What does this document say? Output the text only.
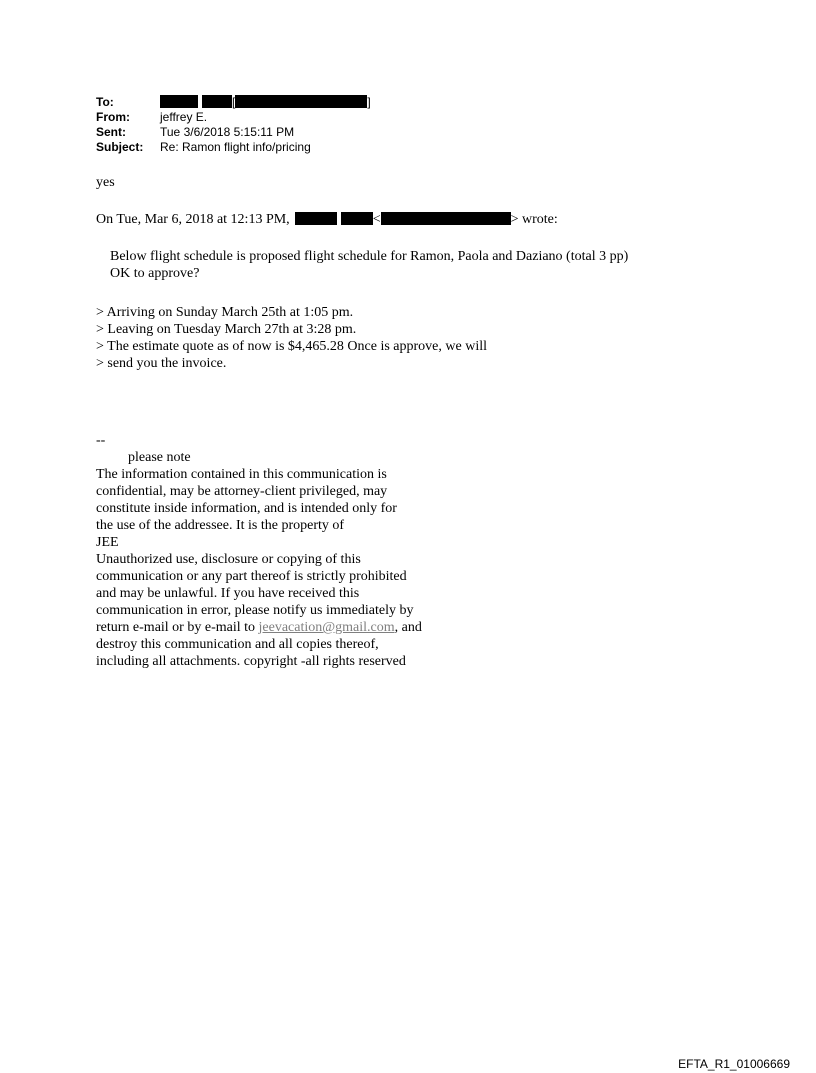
To:	[	]
From:	jeffrey E.
Sent:	Tue 3/6/2018 5:15:11 PM
Subject:	Re: Ramon flight info/pricing
yes
On Tue, Mar 6, 2018 at 12:13 PM,	<	> wrote:
Below flight schedule is proposed flight schedule for Ramon, Paola and Daziano (total 3 pp)
OK to approve?
> Arriving on Sunday March 25th at 1:05 pm.
> Leaving on Tuesday March 27th at 3:28 pm.
> The estimate quote as of now is $4,465.28 Once is approve, we will
> send you the invoice.
--
please note
The information contained in this communication is
confidential, may be attorney-client privileged, may
constitute inside information, and is intended only for
the use of the addressee. It is the property of
JEE
Unauthorized use, disclosure or copying of this
communication or any part thereof is strictly prohibited
and may be unlawful. If you have received this
communication in error, please notify us immediately by
return e-mail or by e-mail to jeevacation@gmail.com, and
destroy this communication and all copies thereof,
including all attachments. copyright -all rights reserved
EFTA_R1_01006669
